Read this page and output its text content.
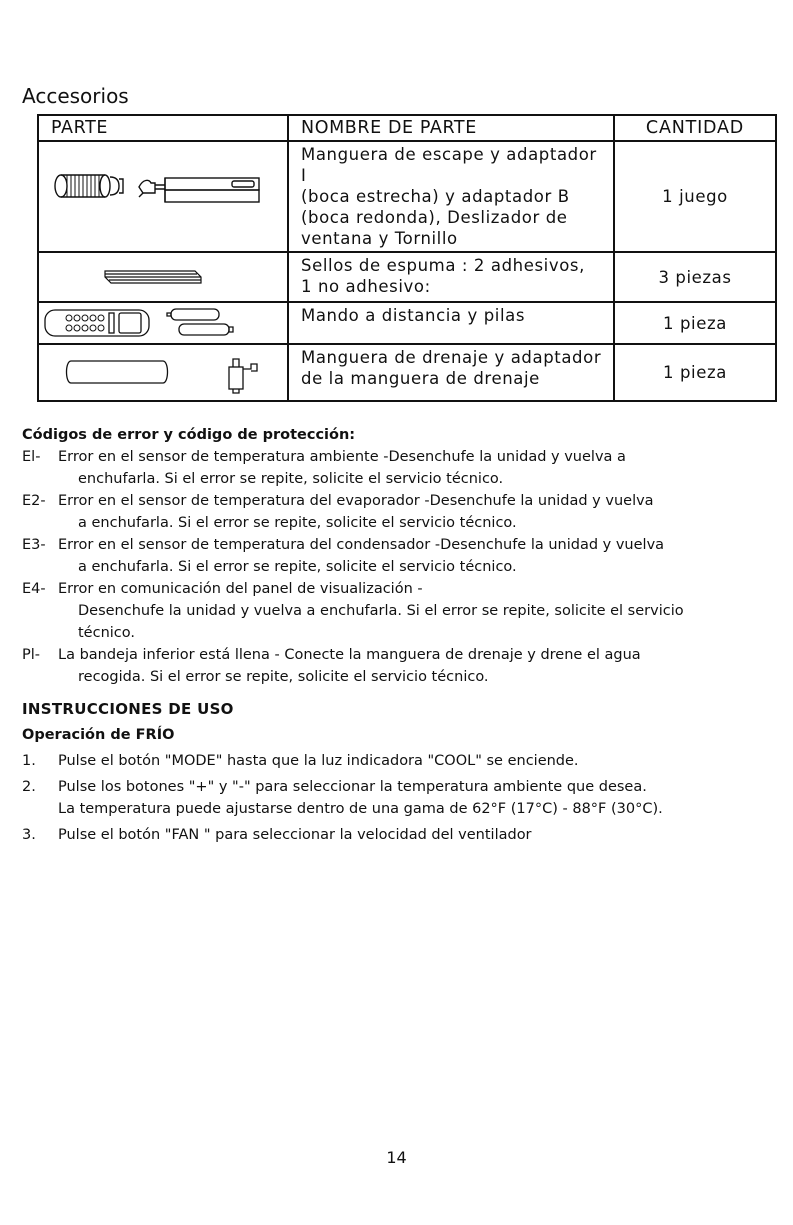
Accesorios
PARTE	NOMBRE DE PARTE	CANTIDAD

Manguera de escape y adaptador I
(boca estrecha) y adaptador B
(boca redonda), Deslizador de
ventana y Tornillo	1 juego

Sellos de espuma : 2 adhesivos,
1 no adhesivo:	3 piezas

Mando a distancia y pilas	1 pieza

Manguera de drenaje y adaptador
de la manguera de drenaje	1 pieza

Códigos de error y código de protección:

El-	Error en el sensor de temperatura ambiente -Desenchufe la unidad y vuelva a
enchufarla. Si el error se repite, solicite el servicio técnico.
E2- Error en el sensor de temperatura del evaporador -Desenchufe la unidad y vuelva
a enchufarla. Si el error se repite, solicite el servicio técnico.
E3- Error en el sensor de temperatura del condensador -Desenchufe la unidad y vuelva
a enchufarla. Si el error se repite, solicite el servicio técnico.
E4- Error en comunicación del panel de visualización -
Desenchufe la unidad y vuelva a enchufarla. Si el error se repite, solicite el servicio
técnico.
Pl-	La bandeja inferior está llena - Conecte la manguera de drenaje y drene el agua
recogida. Si el error se repite, solicite el servicio técnico.

INSTRUCCIONES DE USO

Operación de FRÍO

1. Pulse el botón "MODE" hasta que la luz indicadora "COOL" se enciende.
2. Pulse los botones "+" y "-" para seleccionar la temperatura ambiente que desea.
La temperatura puede ajustarse dentro de una gama de 62°F (17°C) - 88°F (30°C).
3. Pulse el botón "FAN " para seleccionar la velocidad del ventilador
14
